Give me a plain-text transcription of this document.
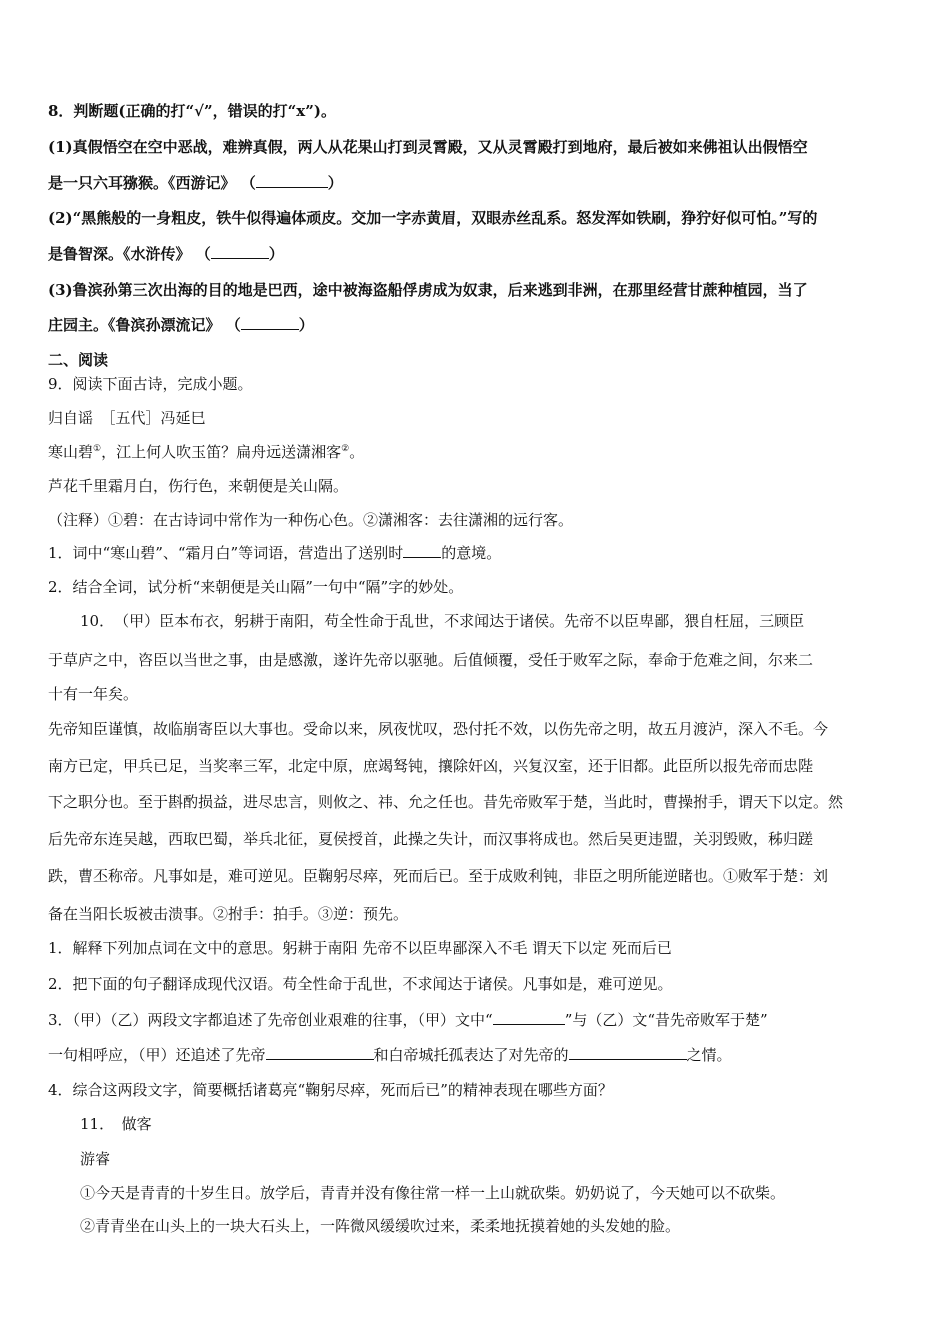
8．判断题(正确的打“√”，错误的打“x”)。
(1)真假悟空在空中恶战，难辨真假，两人从花果山打到灵霄殿，又从灵霄殿打到地府，最后被如来佛祖认出假悟空
是一只六耳猕猴。《西游记》 （	）
(2)“黑熊般的一身粗皮，铁牛似得遍体顽皮。交加一字赤黄眉，双眼赤丝乱系。怒发浑如铁刷，狰狞好似可怕。”写的
是鲁智深。《水浒传》 （	）
(3)鲁滨孙第三次出海的目的地是巴西，途中被海盗船俘虏成为奴隶，后来逃到非洲，在那里经营甘蔗种植园，当了
庄园主。《鲁滨孙漂流记》 （	）
二、阅读
9．阅读下面古诗，完成小题。
归自谣　［五代］冯延巳
寒山碧①，江上何人吹玉笛？扁舟远送潇湘客②。
芦花千里霜月白，伤行色，来朝便是关山隔。
（注释）①碧：在古诗词中常作为一种伤心色。②潇湘客：去往潇湘的远行客。
1．词中“寒山碧”、“霜月白”等词语，营造出了送别时	的意境。
2．结合全词，试分析“来朝便是关山隔”一句中“隔”字的妙处。
10．　（甲）臣本布衣，躬耕于南阳，苟全性命于乱世，不求闻达于诸侯。先帝不以臣卑鄙，猥自枉屈，三顾臣
于草庐之中，咨臣以当世之事，由是感激，遂许先帝以驱驰。后值倾覆，受任于败军之际，奉命于危难之间，尔来二
十有一年矣。
先帝知臣谨慎，故临崩寄臣以大事也。受命以来，夙夜忧叹，恐付托不效，以伤先帝之明，故五月渡泸，深入不毛。今
南方已定，甲兵已足，当奖率三军，北定中原，庶竭驽钝，攘除奸凶，兴复汉室，还于旧都。此臣所以报先帝而忠陛
下之职分也。至于斟酌损益，进尽忠言，则攸之、祎、允之任也。昔先帝败军于楚，当此时，曹操拊手，谓天下以定。然
后先帝东连吴越，西取巴蜀，举兵北征，夏侯授首，此操之失计，而汉事将成也。然后吴更违盟，关羽毁败，秭归蹉
跌，曹丕称帝。凡事如是，难可逆见。臣鞠躬尽瘁，死而后已。至于成败利钝，非臣之明所能逆睹也。①败军于楚：刘
备在当阳长坂被击溃事。②拊手：拍手。③逆：预先。
1．解释下列加点词在文中的意思。躬耕于南阳 先帝不以臣卑鄙深入不毛 谓天下以定 死而后已
2．把下面的句子翻译成现代汉语。苟全性命于乱世，不求闻达于诸侯。凡事如是，难可逆见。
3．（甲）（乙）两段文字都追述了先帝创业艰难的往事，（甲）文中“	”与（乙）文“昔先帝败军于楚”
一句相呼应，（甲）还追述了先帝	和白帝城托孤表达了对先帝的	之情。
4．综合这两段文字，简要概括诸葛亮“鞠躬尽瘁，死而后已”的精神表现在哪些方面？
11．　做客
游睿
①今天是青青的十岁生日。放学后，青青并没有像往常一样一上山就砍柴。奶奶说了，今天她可以不砍柴。
②青青坐在山头上的一块大石头上，一阵微风缓缓吹过来，柔柔地抚摸着她的头发她的脸。
